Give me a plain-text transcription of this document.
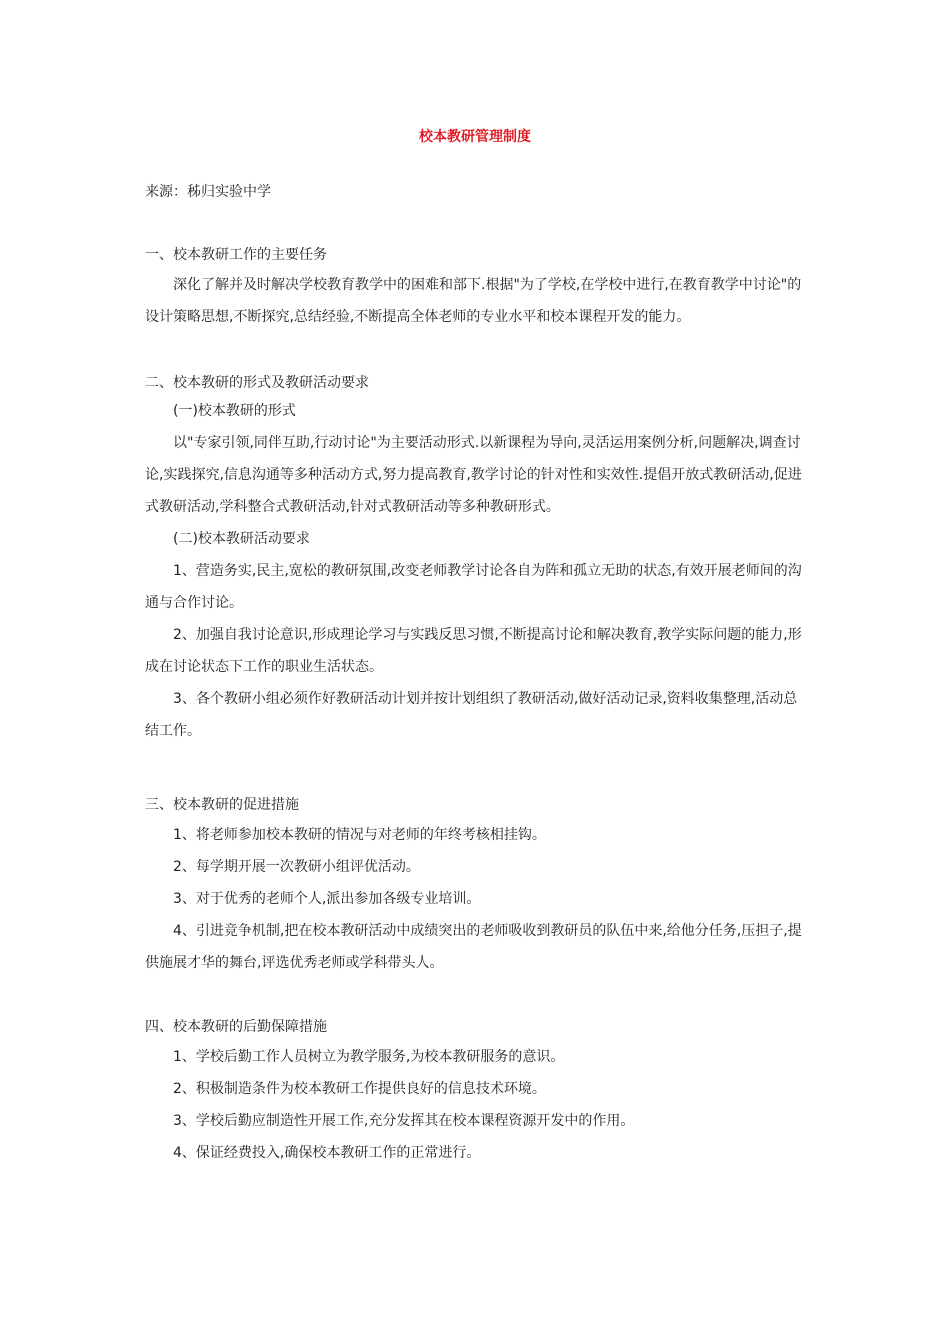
校本教研管理制度
来源：秭归实验中学

一、校本教研工作的主要任务

深化了解并及时解决学校教育教学中的困难和部下.根据"为了学校,在学校中进行,在教育教学中讨论"的设计策略思想,不断探究,总结经验,不断提高全体老师的专业水平和校本课程开发的能力。

二、校本教研的形式及教研活动要求

(一)校本教研的形式

以"专家引领,同伴互助,行动讨论"为主要活动形式.以新课程为导向,灵活运用案例分析,问题解决,调查讨论,实践探究,信息沟通等多种活动方式,努力提高教育,教学讨论的针对性和实效性.提倡开放式教研活动,促进式教研活动,学科整合式教研活动,针对式教研活动等多种教研形式。

(二)校本教研活动要求

1、营造务实,民主,宽松的教研氛围,改变老师教学讨论各自为阵和孤立无助的状态,有效开展老师间的沟通与合作讨论。

2、加强自我讨论意识,形成理论学习与实践反思习惯,不断提高讨论和解决教育,教学实际问题的能力,形成在讨论状态下工作的职业生活状态。

3、各个教研小组必须作好教研活动计划并按计划组织了教研活动,做好活动记录,资料收集整理,活动总结工作。

三、校本教研的促进措施

1、将老师参加校本教研的情况与对老师的年终考核相挂钩。

2、每学期开展一次教研小组评优活动。

3、对于优秀的老师个人,派出参加各级专业培训。

4、引进竞争机制,把在校本教研活动中成绩突出的老师吸收到教研员的队伍中来,给他分任务,压担子,提供施展才华的舞台,评选优秀老师或学科带头人。

四、校本教研的后勤保障措施

1、学校后勤工作人员树立为教学服务,为校本教研服务的意识。

2、积极制造条件为校本教研工作提供良好的信息技术环境。

3、学校后勤应制造性开展工作,充分发挥其在校本课程资源开发中的作用。

4、保证经费投入,确保校本教研工作的正常进行。
